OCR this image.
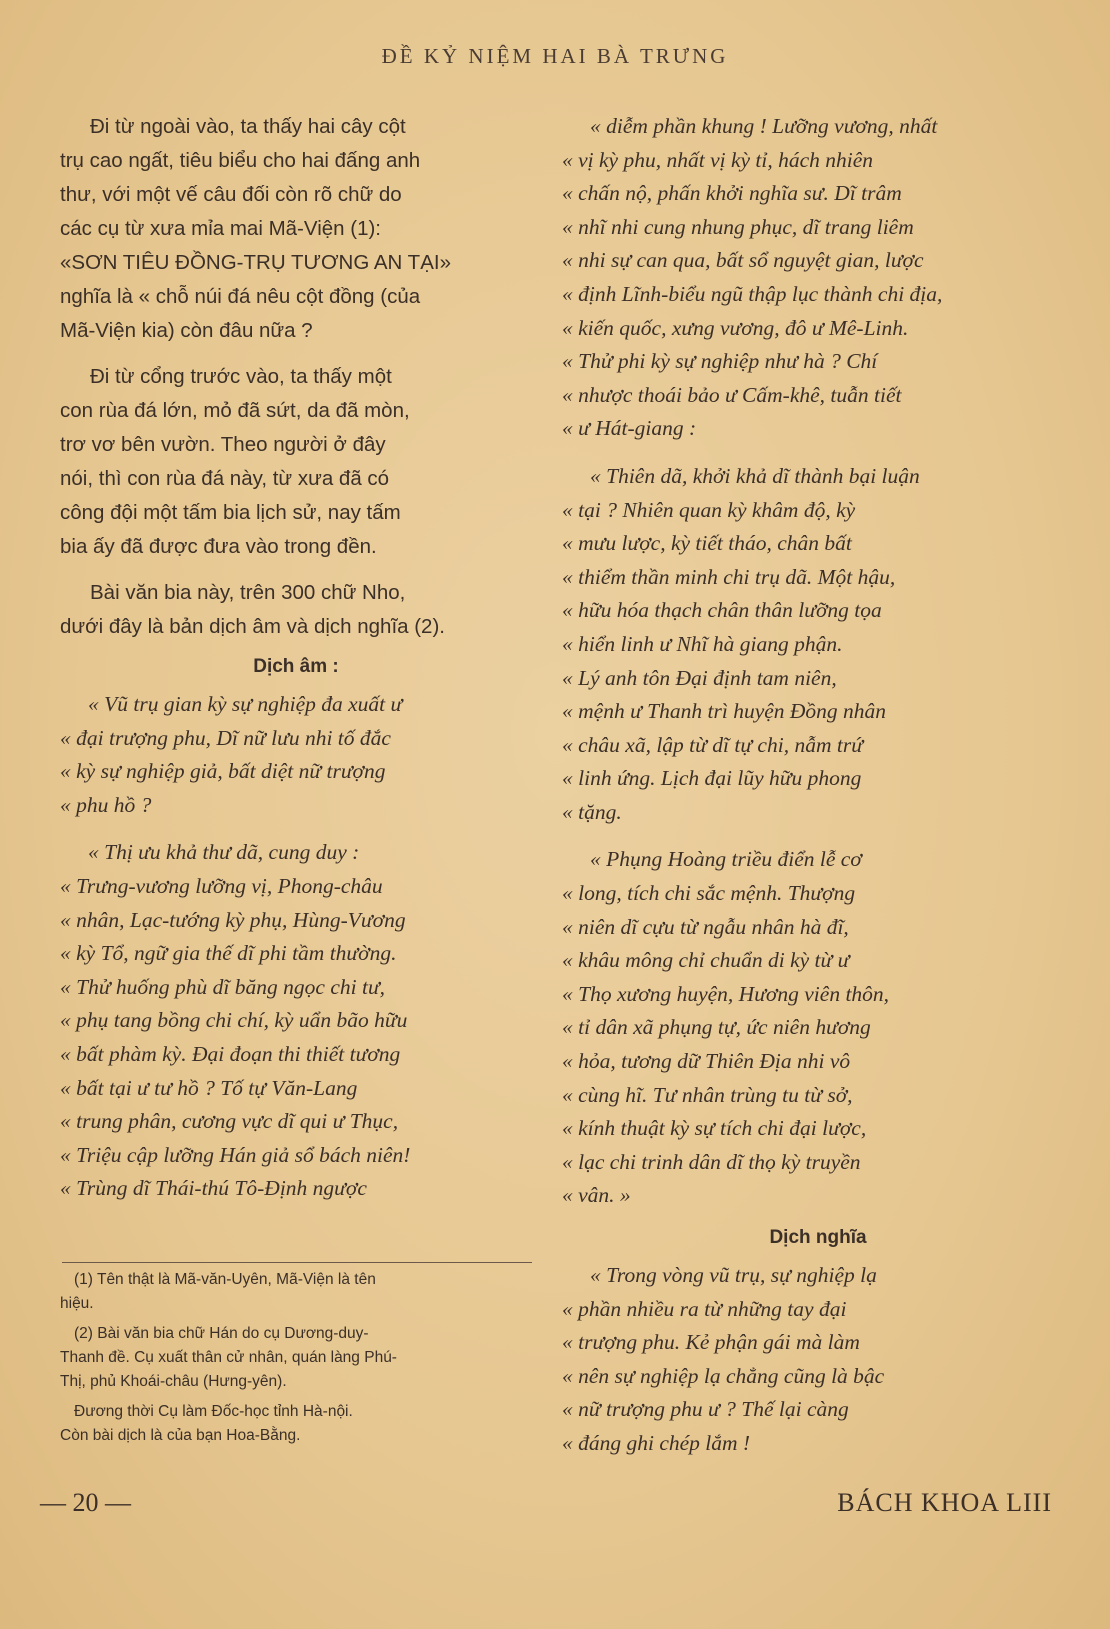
ĐỀ KỶ NIỆM HAI BÀ TRƯNG
Đi từ ngoài vào, ta thấy hai cây cột
trụ cao ngất, tiêu biểu cho hai đấng anh
thư, với một vế câu đối còn rõ chữ do
các cụ từ xưa mỉa mai Mã-Viện (1):
«SƠN TIÊU ĐỒNG-TRỤ TƯƠNG AN TẠI»
nghĩa là « chỗ núi đá nêu cột đồng (của
Mã-Viện kia) còn đâu nữa ?
Đi từ cổng trước vào, ta thấy một
con rùa đá lớn, mỏ đã sứt, da đã mòn,
trơ vơ bên vườn. Theo người ở đây
nói, thì con rùa đá này, từ xưa đã có
công đội một tấm bia lịch sử, nay tấm
bia ấy đã được đưa vào trong đền.
Bài văn bia này, trên 300 chữ Nho,
dưới đây là bản dịch âm và dịch nghĩa (2).
Dịch âm :
« Vũ trụ gian kỳ sự nghiệp đa xuất ư
« đại trượng phu, Dĩ nữ lưu nhi tố đắc
« kỳ sự nghiệp giả, bất diệt nữ trượng
« phu hồ ?
« Thị ưu khả thư dã, cung duy :
« Trưng-vương lưỡng vị, Phong-châu
« nhân, Lạc-tướng kỳ phụ, Hùng-Vương
« kỳ Tổ, ngữ gia thế dĩ phi tầm thường.
« Thử huống phù dĩ băng ngọc chi tư,
« phụ tang bồng chi chí, kỳ uẩn bão hữu
« bất phàm kỳ. Đại đoạn thi thiết tương
« bất tại ư tư hồ ? Tố tự Văn-Lang
« trung phân, cương vực dĩ qui ư Thục,
« Triệu cập lưỡng Hán giả sổ bách niên!
« Trùng dĩ Thái-thú Tô-Định ngược
(1) Tên thật là Mã-văn-Uyên, Mã-Viện là tên
hiệu.
(2) Bài văn bia chữ Hán do cụ Dương-duy-
Thanh đề. Cụ xuất thân cử nhân, quán làng Phú-
Thị, phủ Khoái-châu (Hưng-yên).
Đương thời Cụ làm Đốc-học tỉnh Hà-nội.
Còn bài dịch là của bạn Hoa-Bằng.
« diễm phần khung ! Lưỡng vương, nhất
« vị kỳ phu, nhất vị kỳ tỉ, hách nhiên
« chấn nộ, phấn khởi nghĩa sư. Dĩ trâm
« nhĩ nhi cung nhung phục, dĩ trang liêm
« nhi sự can qua, bất sổ nguyệt gian, lược
« định Lĩnh-biểu ngũ thập lục thành chi địa,
« kiến quốc, xưng vương, đô ư Mê-Linh.
« Thử phi kỳ sự nghiệp như hà ? Chí
« nhược thoái bảo ư Cấm-khê, tuẫn tiết
« ư Hát-giang :
« Thiên dã, khởi khả dĩ thành bại luận
« tại ? Nhiên quan kỳ khâm độ, kỳ
« mưu lược, kỳ tiết tháo, chân bất
« thiểm thần minh chi trụ dã. Một hậu,
« hữu hóa thạch chân thân lưỡng tọa
« hiển linh ư Nhĩ hà giang phận.
« Lý anh tôn Đại định tam niên,
« mệnh ư Thanh trì huyện Đồng nhân
« châu xã, lập từ dĩ tự chi, nẫm trứ
« linh ứng. Lịch đại lũy hữu phong
« tặng.
« Phụng Hoàng triều điển lễ cơ
« long, tích chi sắc mệnh. Thượng
« niên dĩ cựu từ ngẫu nhân hà đĩ,
« khâu mông chỉ chuẩn di kỳ từ ư
« Thọ xương huyện, Hương viên thôn,
« tỉ dân xã phụng tự, ức niên hương
« hỏa, tương dữ Thiên Địa nhi vô
« cùng hĩ. Tư nhân trùng tu từ sở,
« kính thuật kỳ sự tích chi đại lược,
« lạc chi trinh dân dĩ thọ kỳ truyền
« vân. »
Dịch nghĩa
« Trong vòng vũ trụ, sự nghiệp lạ
« phần nhiều ra từ những tay đại
« trượng phu. Kẻ phận gái mà làm
« nên sự nghiệp lạ chẳng cũng là bậc
« nữ trượng phu ư ? Thế lại càng
« đáng ghi chép lắm !
— 20 —	BÁCH KHOA LIII
